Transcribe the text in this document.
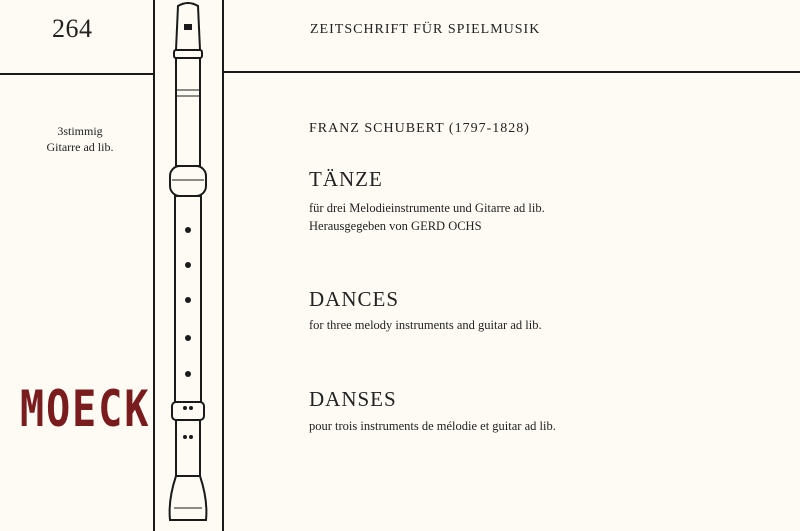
264	ZEITSCHRIFT FÜR SPIELMUSIK
3stimmig
Gitarre ad lib.
MOECK
FRANZ SCHUBERT (1797-1828)
TÄNZE
für drei Melodieinstrumente und Gitarre ad lib.
Herausgegeben von GERD OCHS
DANCES
for three melody instruments and guitar ad lib.
DANSES
pour trois instruments de mélodie et guitar ad lib.
